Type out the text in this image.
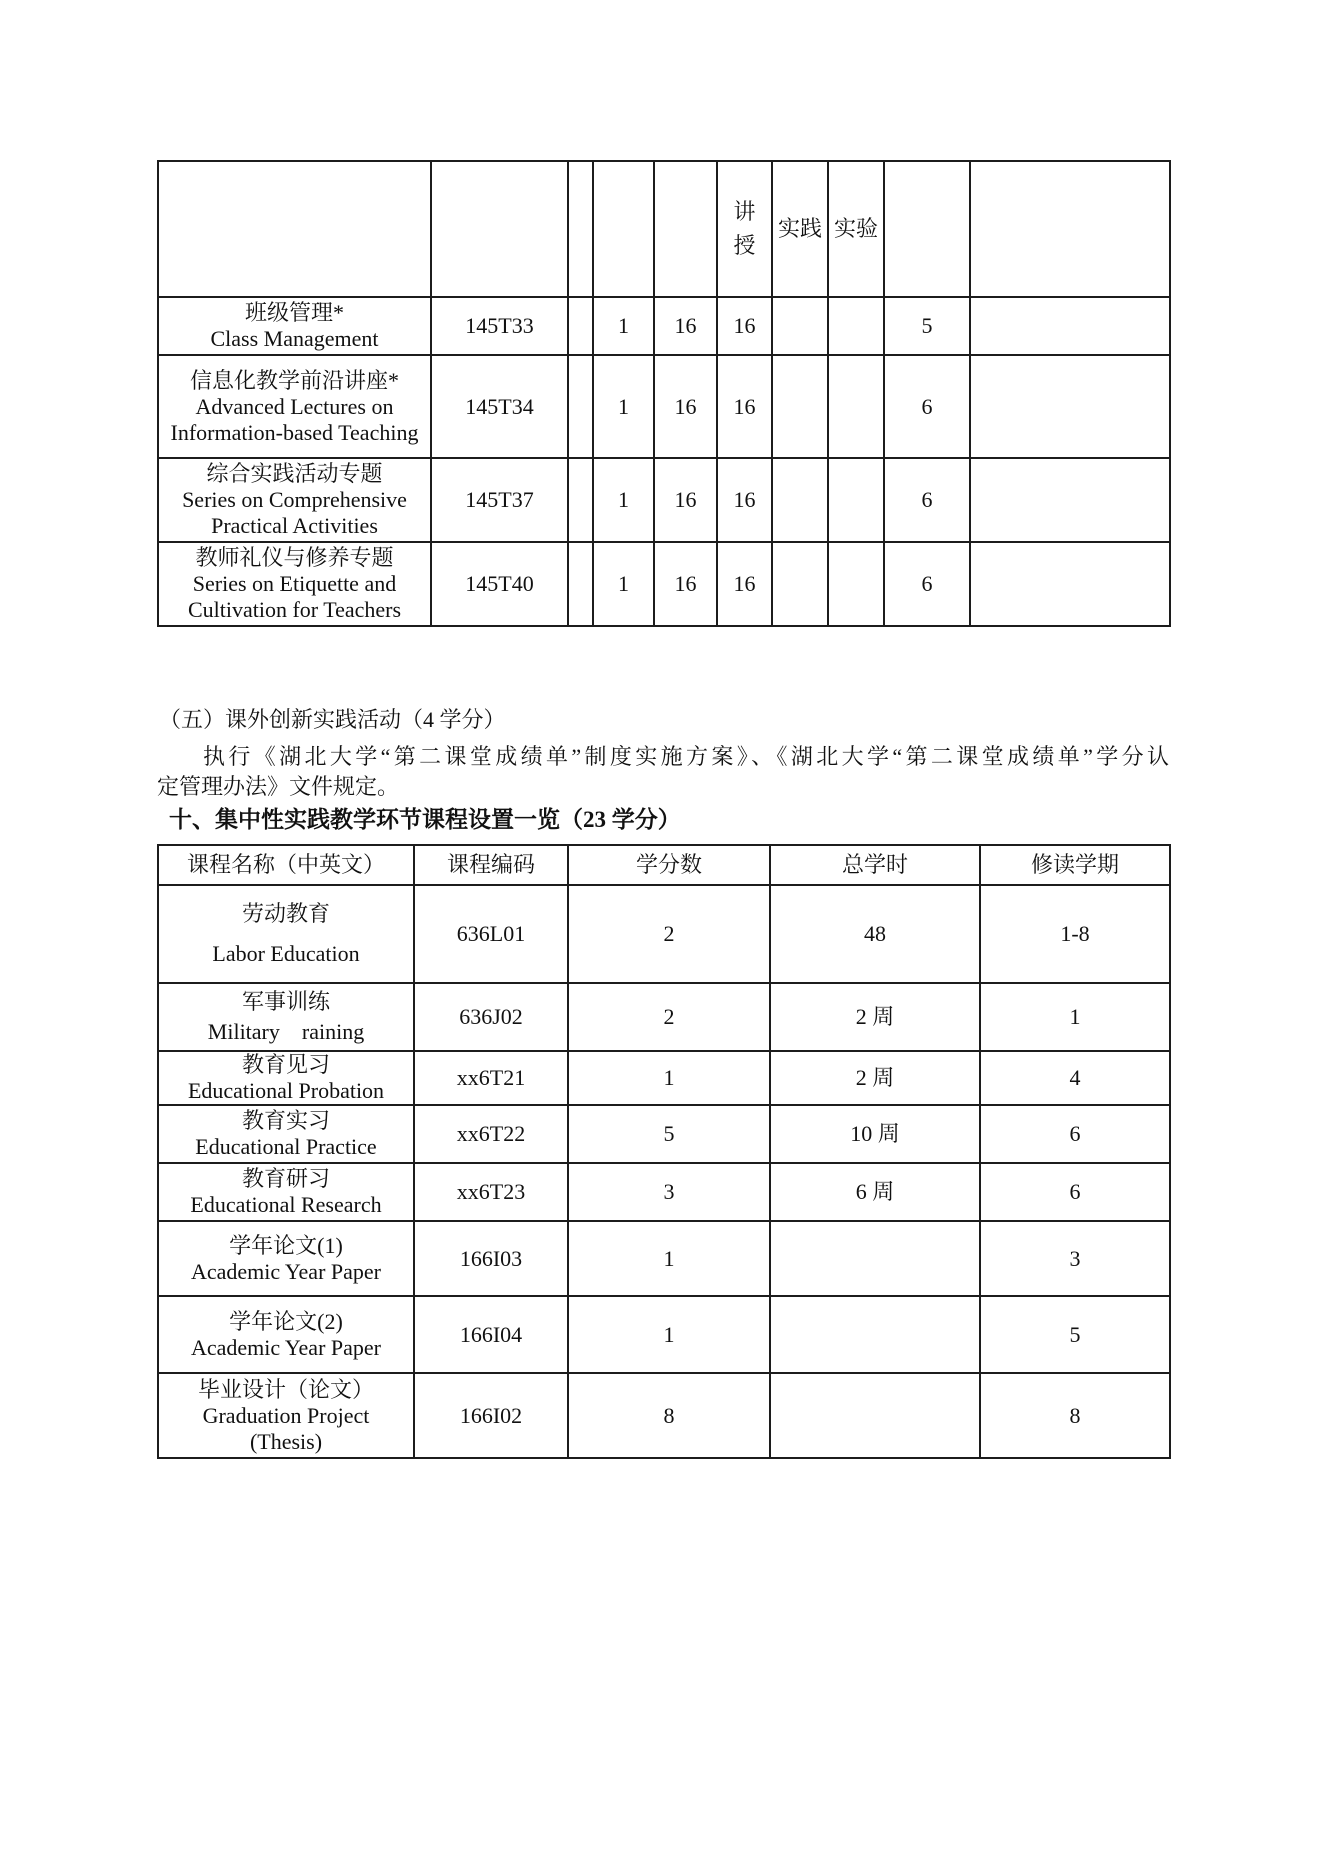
					讲授	实践	实验		

班级管理*
Class Management	145T33		1	16	16			5	

信息化教学前沿讲座*
Advanced Lectures on Information-based Teaching	145T34		1	16	16			6	

综合实践活动专题
Series on Comprehensive Practical Activities	145T37		1	16	16			6	

教师礼仪与修养专题
Series on Etiquette and Cultivation for Teachers	145T40		1	16	16			6	
（五）课外创新实践活动（4 学分）
执行《湖北大学“第二课堂成绩单”制度实施方案》、《湖北大学“第二课堂成绩单”学分认
定管理办法》文件规定。
十、集中性实践教学环节课程设置一览（23 学分）
课程名称（中英文）	课程编码	学分数	总学时	修读学期

劳动教育
Labor Education	636L01	2	48	1-8

军事训练
Military　raining	636J02	2	2 周	1

教育见习
Educational Probation	xx6T21	1	2 周	4

教育实习
Educational Practice	xx6T22	5	10 周	6

教育研习
Educational Research	xx6T23	3	6 周	6

学年论文(1)
Academic Year Paper	166I03	1		3

学年论文(2)
Academic Year Paper	166I04	1		5

毕业设计（论文）
Graduation Project
(Thesis)	166I02	8		8
